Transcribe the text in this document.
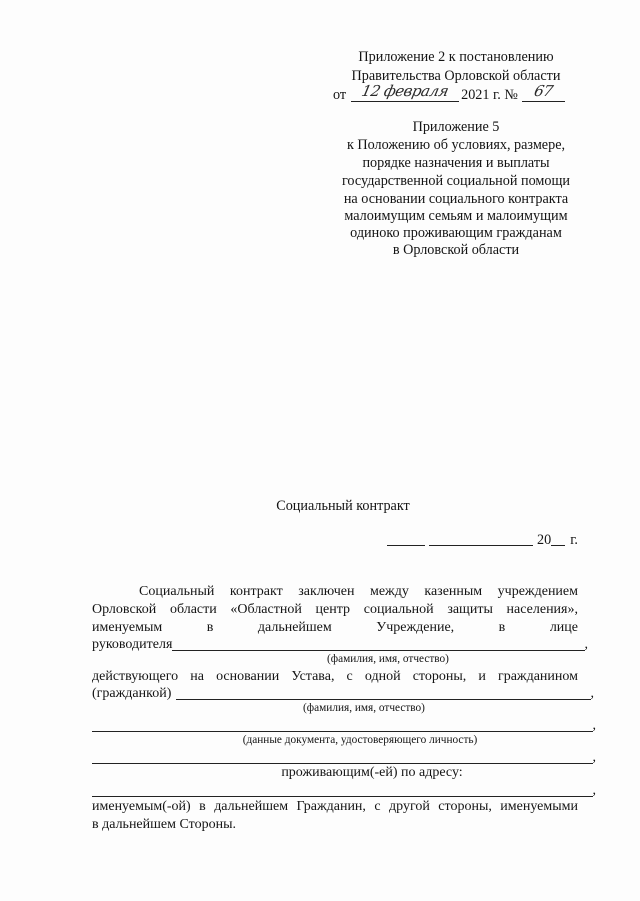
Приложение 2 к постановлению
Правительства Орловской области
от 12 февраля 2021 г. № 67
Приложение 5
к Положению об условиях, размере,
порядке назначения и выплаты
государственной социальной помощи
на основании социального контракта
малоимущим семьям и малоимущим
одиноко проживающим гражданам
в Орловской области
Социальный контракт
20 г.
Социальный контракт заключен между казенным учреждением
Орловской области «Областной центр социальной защиты населения»,
именуемым в дальнейшем Учреждение, в лице
руководителя	,
(фамилия, имя, отчество)
действующего на основании Устава, с одной стороны, и гражданином
(гражданкой)	,
(фамилия, имя, отчество)
,
(данные документа, удостоверяющего личность)
,
проживающим(-ей) по адресу:
,
именуемым(-ой) в дальнейшем Гражданин, с другой стороны, именуемыми
в дальнейшем Стороны.
